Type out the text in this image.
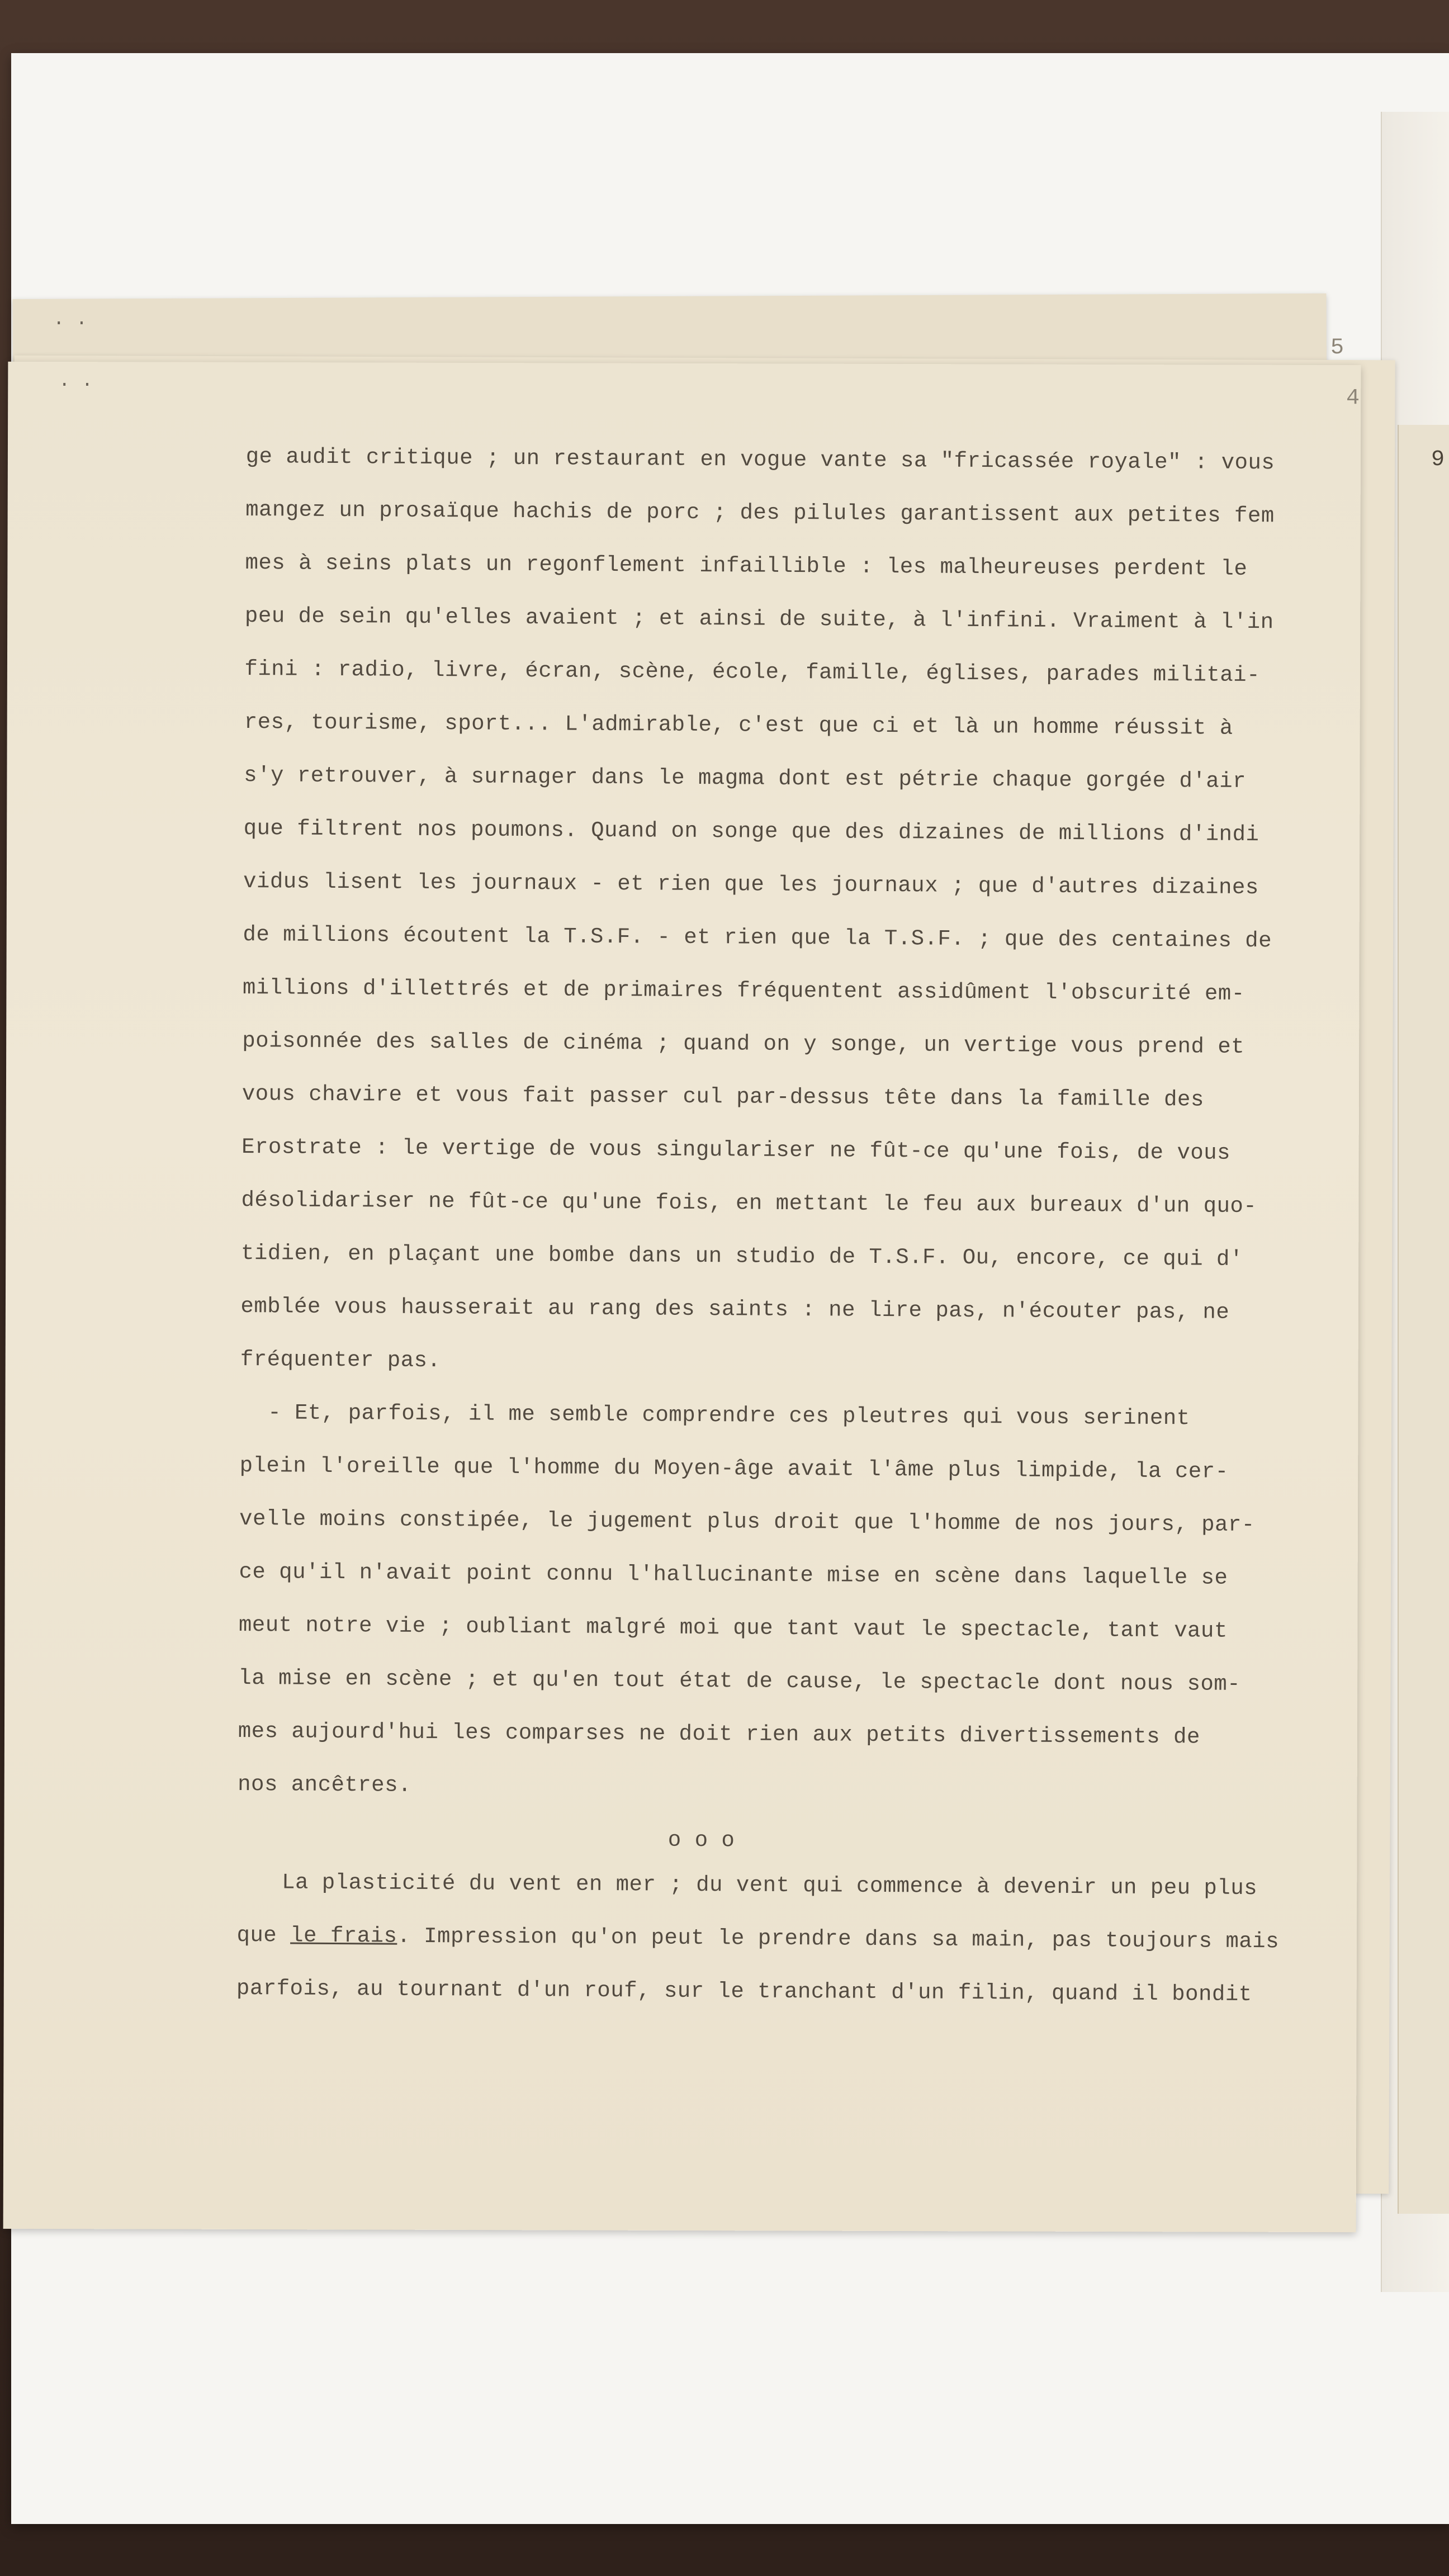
· ·
· ·
5
4
9
ge audit critique ; un restaurant en vogue vante sa "fricassée royale" : vous
mangez un prosaïque hachis de porc ; des pilules garantissent aux petites fem
mes à seins plats un regonflement infaillible : les malheureuses perdent le
peu de sein qu'elles avaient ; et ainsi de suite, à l'infini. Vraiment à l'in
fini : radio, livre, écran, scène, école, famille, églises, parades militai-
res, tourisme, sport... L'admirable, c'est que ci et là un homme réussit à
s'y retrouver, à surnager dans le magma dont est pétrie chaque gorgée d'air
que filtrent nos poumons. Quand on songe que des dizaines de millions d'indi
vidus lisent les journaux - et rien que les journaux ; que d'autres dizaines
de millions écoutent la T.S.F. - et rien que la T.S.F. ; que des centaines de
millions d'illettrés et de primaires fréquentent assidûment l'obscurité em-
poisonnée des salles de cinéma ; quand on y songe, un vertige vous prend et
vous chavire et vous fait passer cul par-dessus tête dans la famille des
Erostrate : le vertige de vous singulariser ne fût-ce qu'une fois, de vous
désolidariser ne fût-ce qu'une fois, en mettant le feu aux bureaux d'un quo-
tidien, en plaçant une bombe dans un studio de T.S.F. Ou, encore, ce qui d'
emblée vous hausserait au rang des saints : ne lire pas, n'écouter pas, ne
fréquenter pas.
- Et, parfois, il me semble comprendre ces pleutres qui vous serinent
plein l'oreille que l'homme du Moyen-âge avait l'âme plus limpide, la cer-
velle moins constipée, le jugement plus droit que l'homme de nos jours, par-
ce qu'il n'avait point connu l'hallucinante mise en scène dans laquelle se
meut notre vie ; oubliant malgré moi que tant vaut le spectacle, tant vaut
la mise en scène ; et qu'en tout état de cause, le spectacle dont nous som-
mes aujourd'hui les comparses ne doit rien aux petits divertissements de
nos ancêtres.
o o o
La plasticité du vent en mer ; du vent qui commence à devenir un peu plus
que le frais. Impression qu'on peut le prendre dans sa main, pas toujours mais
parfois, au tournant d'un rouf, sur le tranchant d'un filin, quand il bondit
